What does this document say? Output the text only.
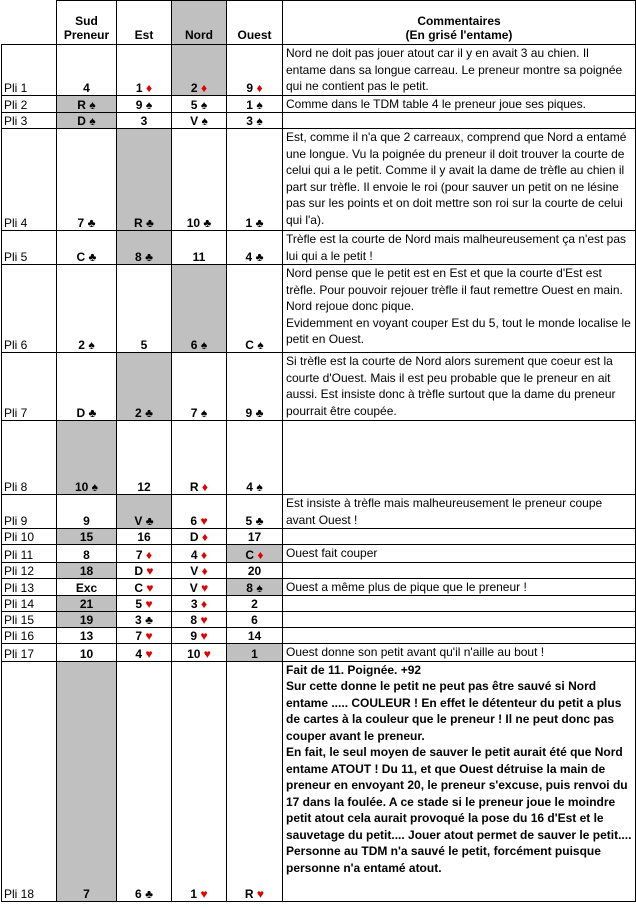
	Sud Preneur	Est	Nord	Ouest	Commentaires
(En grisé l'entame)

Pli 1	4	1 ♦	2 ♦	9 ♦	Nord ne doit pas jouer atout car il y en avait 3 au chien. Il entame dans sa longue carreau. Le preneur montre sa poignée qui ne contient pas le petit.
Pli 2	R ♠	9 ♠	5 ♠	1 ♠	Comme dans le TDM table 4 le preneur joue ses piques.
Pli 3	D ♠	3	V ♠	3 ♠	
Pli 4	7 ♣	R ♣	10 ♣	1 ♣	Est, comme il n'a que 2 carreaux, comprend que Nord a entamé une longue. Vu la poignée du preneur il doit trouver la courte de celui qui a le petit. Comme il y avait la dame de trèfle au chien il part sur trèfle. Il envoie le roi (pour sauver un petit on ne lésine pas sur les points et on doit mettre son roi sur la courte de celui qui l'a).
Pli 5	C ♣	8 ♣	11	4 ♣	Trèfle est la courte de Nord mais malheureusement ça n'est pas lui qui a le petit !
Pli 6	2 ♠	5	6 ♠	C ♠	Nord pense que le petit est en Est et que la courte d'Est est trèfle. Pour pouvoir rejouer trèfle il faut remettre Ouest en main. Nord rejoue donc pique.
Evidemment en voyant couper Est du 5, tout le monde localise le petit en Ouest.
Pli 7	D ♣	2 ♣	7 ♠	9 ♣	Si trèfle est la courte de Nord alors surement que coeur est la courte d'Ouest. Mais il est peu probable que le preneur en ait aussi. Est insiste donc à trèfle surtout que la dame du preneur pourrait être coupée.
Pli 8	10 ♠	12	R ♦	4 ♠	
Pli 9	9	V ♣	6 ♥	5 ♣	Est insiste à trèfle mais malheureusement le preneur coupe avant Ouest !
Pli 10	15	16	D ♦	17	
Pli 11	8	7 ♦	4 ♦	C ♦	Ouest fait couper
Pli 12	18	D ♥	V ♦	20	
Pli 13	Exc	C ♥	V ♥	8 ♠	Ouest a même plus de pique que le preneur !
Pli 14	21	5 ♥	3 ♦	2	
Pli 15	19	3 ♣	8 ♥	6	
Pli 16	13	7 ♥	9 ♥	14	
Pli 17	10	4 ♥	10 ♥	1	Ouest donne son petit avant qu'il n'aille au bout !
Pli 18	7	6 ♣	1 ♥	R ♥	Fait de 11. Poignée. +92
Sur cette donne le petit ne peut pas être sauvé si Nord entame ..... COULEUR ! En effet le détenteur du petit a plus de cartes à la couleur que le preneur ! Il ne peut donc pas couper avant le preneur.
En fait, le seul moyen de sauver le petit aurait été que Nord entame ATOUT ! Du 11, et que Ouest détruise la main de preneur en envoyant 20, le preneur s'excuse, puis renvoi du 17 dans la foulée. A ce stade si le preneur joue le moindre petit atout cela aurait provoqué la pose du 16 d'Est et le sauvetage du petit.... Jouer atout permet de sauver le petit....
Personne au TDM n'a sauvé le petit, forcément puisque personne n'a entamé atout.
